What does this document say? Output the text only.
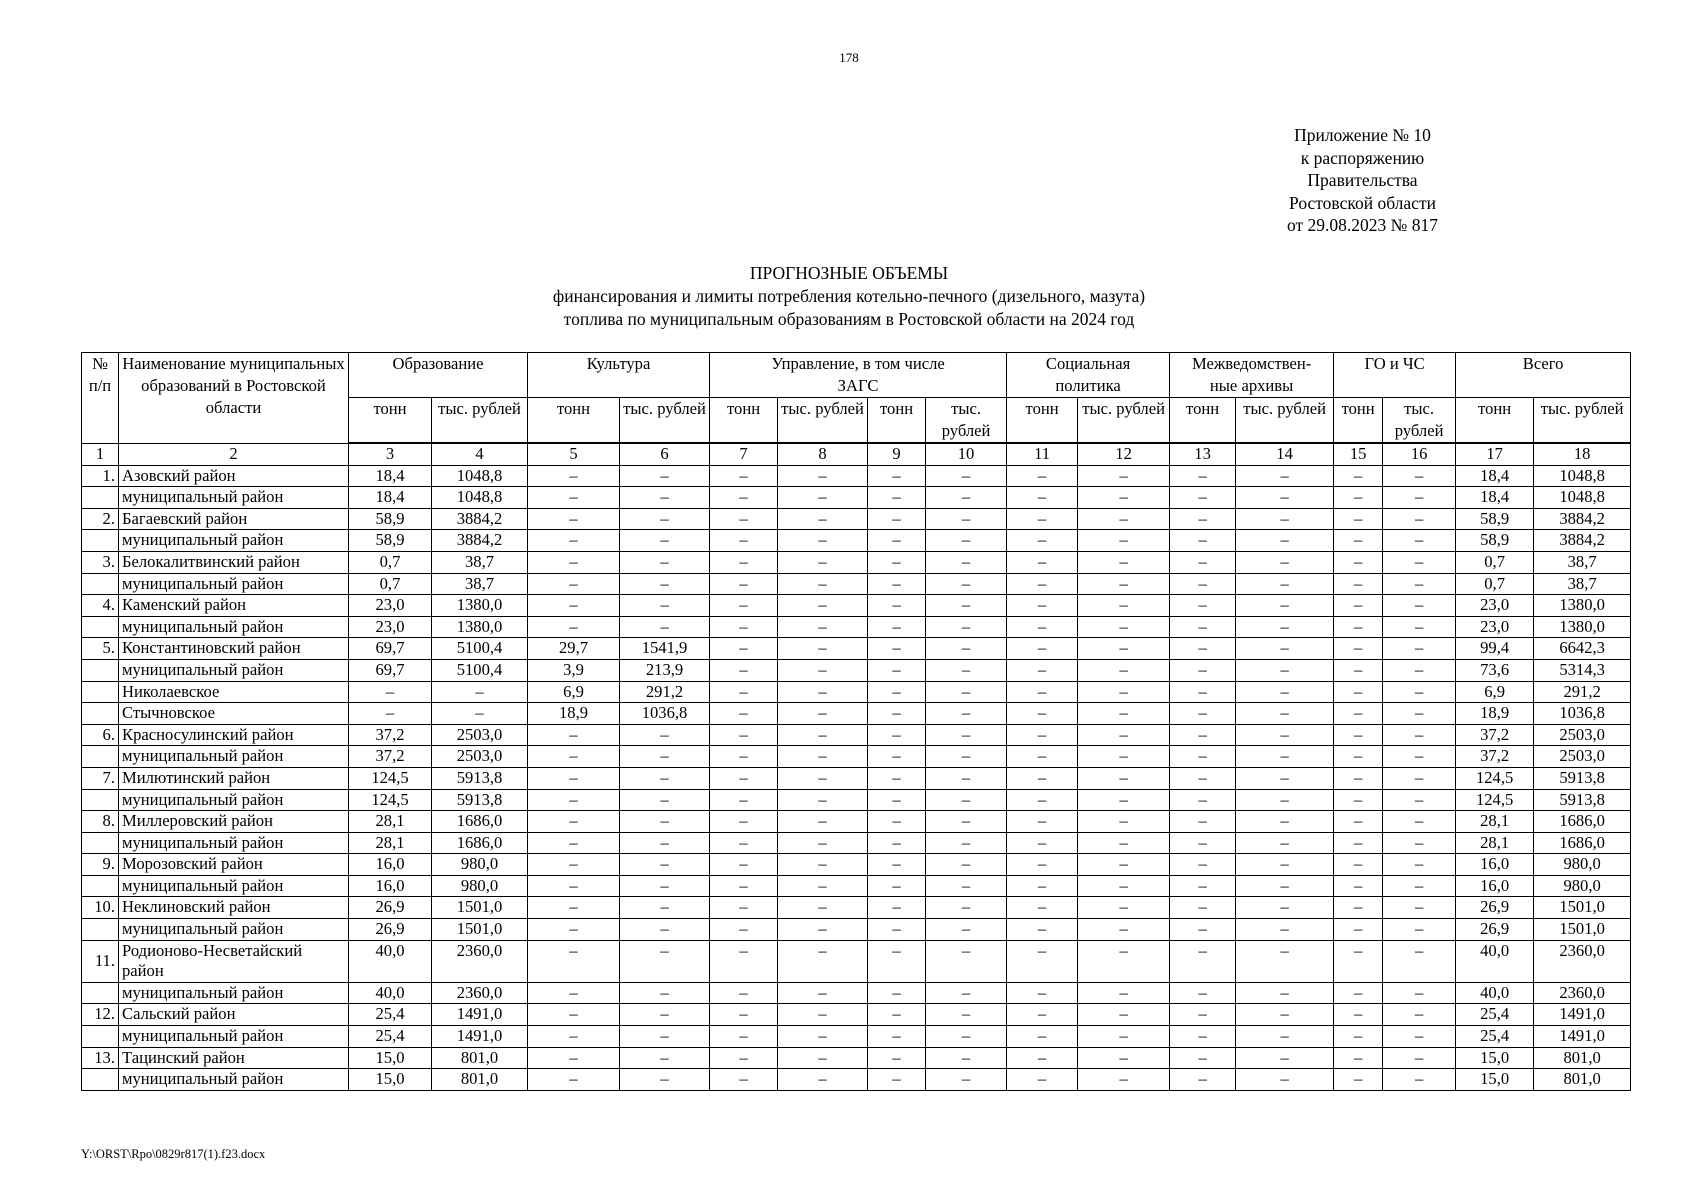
178
Приложение № 10
к распоряжению
Правительства
Ростовской области
от 29.08.2023 № 817
ПРОГНОЗНЫЕ ОБЪЕМЫ
финансирования и лимиты потребления котельно-печного (дизельного, мазута)
топлива по муниципальным образованиям в Ростовской области на 2024 год
№ п/п	Наименование муниципальных образований в Ростовской области	Образование		Культура		Управление, в том числе ЗАГС				Социальная политика		Межведомствен-ные архивы		ГО и ЧС		Всего	
		тонн	тыс. рублей	тонн	тыс. рублей	тонн	тыс. рублей	тонн	тыс. рублей	тонн	тыс. рублей	тонн	тыс. рублей	тонн	тыс. рублей	тонн	тыс. рублей
1	2	3	4	5	6	7	8	9	10	11	12	13	14	15	16	17	18
1.	Азовский район	18,4	1048,8	–	–	–	–	–	–	–	–	–	–	–	–	18,4	1048,8
	муниципальный район	18,4	1048,8	–	–	–	–	–	–	–	–	–	–	–	–	18,4	1048,8
2.	Багаевский район	58,9	3884,2	–	–	–	–	–	–	–	–	–	–	–	–	58,9	3884,2
	муниципальный район	58,9	3884,2	–	–	–	–	–	–	–	–	–	–	–	–	58,9	3884,2
3.	Белокалитвинский район	0,7	38,7	–	–	–	–	–	–	–	–	–	–	–	–	0,7	38,7
	муниципальный район	0,7	38,7	–	–	–	–	–	–	–	–	–	–	–	–	0,7	38,7
4.	Каменский район	23,0	1380,0	–	–	–	–	–	–	–	–	–	–	–	–	23,0	1380,0
	муниципальный район	23,0	1380,0	–	–	–	–	–	–	–	–	–	–	–	–	23,0	1380,0
5.	Константиновский район	69,7	5100,4	29,7	1541,9	–	–	–	–	–	–	–	–	–	–	99,4	6642,3
	муниципальный район	69,7	5100,4	3,9	213,9	–	–	–	–	–	–	–	–	–	–	73,6	5314,3
	Николаевское	–	–	6,9	291,2	–	–	–	–	–	–	–	–	–	–	6,9	291,2
	Стычновское	–	–	18,9	1036,8	–	–	–	–	–	–	–	–	–	–	18,9	1036,8
6.	Красносулинский район	37,2	2503,0	–	–	–	–	–	–	–	–	–	–	–	–	37,2	2503,0
	муниципальный район	37,2	2503,0	–	–	–	–	–	–	–	–	–	–	–	–	37,2	2503,0
7.	Милютинский район	124,5	5913,8	–	–	–	–	–	–	–	–	–	–	–	–	124,5	5913,8
	муниципальный район	124,5	5913,8	–	–	–	–	–	–	–	–	–	–	–	–	124,5	5913,8
8.	Миллеровский район	28,1	1686,0	–	–	–	–	–	–	–	–	–	–	–	–	28,1	1686,0
	муниципальный район	28,1	1686,0	–	–	–	–	–	–	–	–	–	–	–	–	28,1	1686,0
9.	Морозовский район	16,0	980,0	–	–	–	–	–	–	–	–	–	–	–	–	16,0	980,0
	муниципальный район	16,0	980,0	–	–	–	–	–	–	–	–	–	–	–	–	16,0	980,0
10.	Неклиновский район	26,9	1501,0	–	–	–	–	–	–	–	–	–	–	–	–	26,9	1501,0
	муниципальный район	26,9	1501,0	–	–	–	–	–	–	–	–	–	–	–	–	26,9	1501,0
11.	Родионово-Несветайский район	40,0	2360,0	–	–	–	–	–	–	–	–	–	–	–	–	40,0	2360,0
	муниципальный район	40,0	2360,0	–	–	–	–	–	–	–	–	–	–	–	–	40,0	2360,0
12.	Сальский район	25,4	1491,0	–	–	–	–	–	–	–	–	–	–	–	–	25,4	1491,0
	муниципальный район	25,4	1491,0	–	–	–	–	–	–	–	–	–	–	–	–	25,4	1491,0
13.	Тацинский район	15,0	801,0	–	–	–	–	–	–	–	–	–	–	–	–	15,0	801,0
	муниципальный район	15,0	801,0	–	–	–	–	–	–	–	–	–	–	–	–	15,0	801,0
Y:\ORST\Rpo\0829r817(1).f23.docx
